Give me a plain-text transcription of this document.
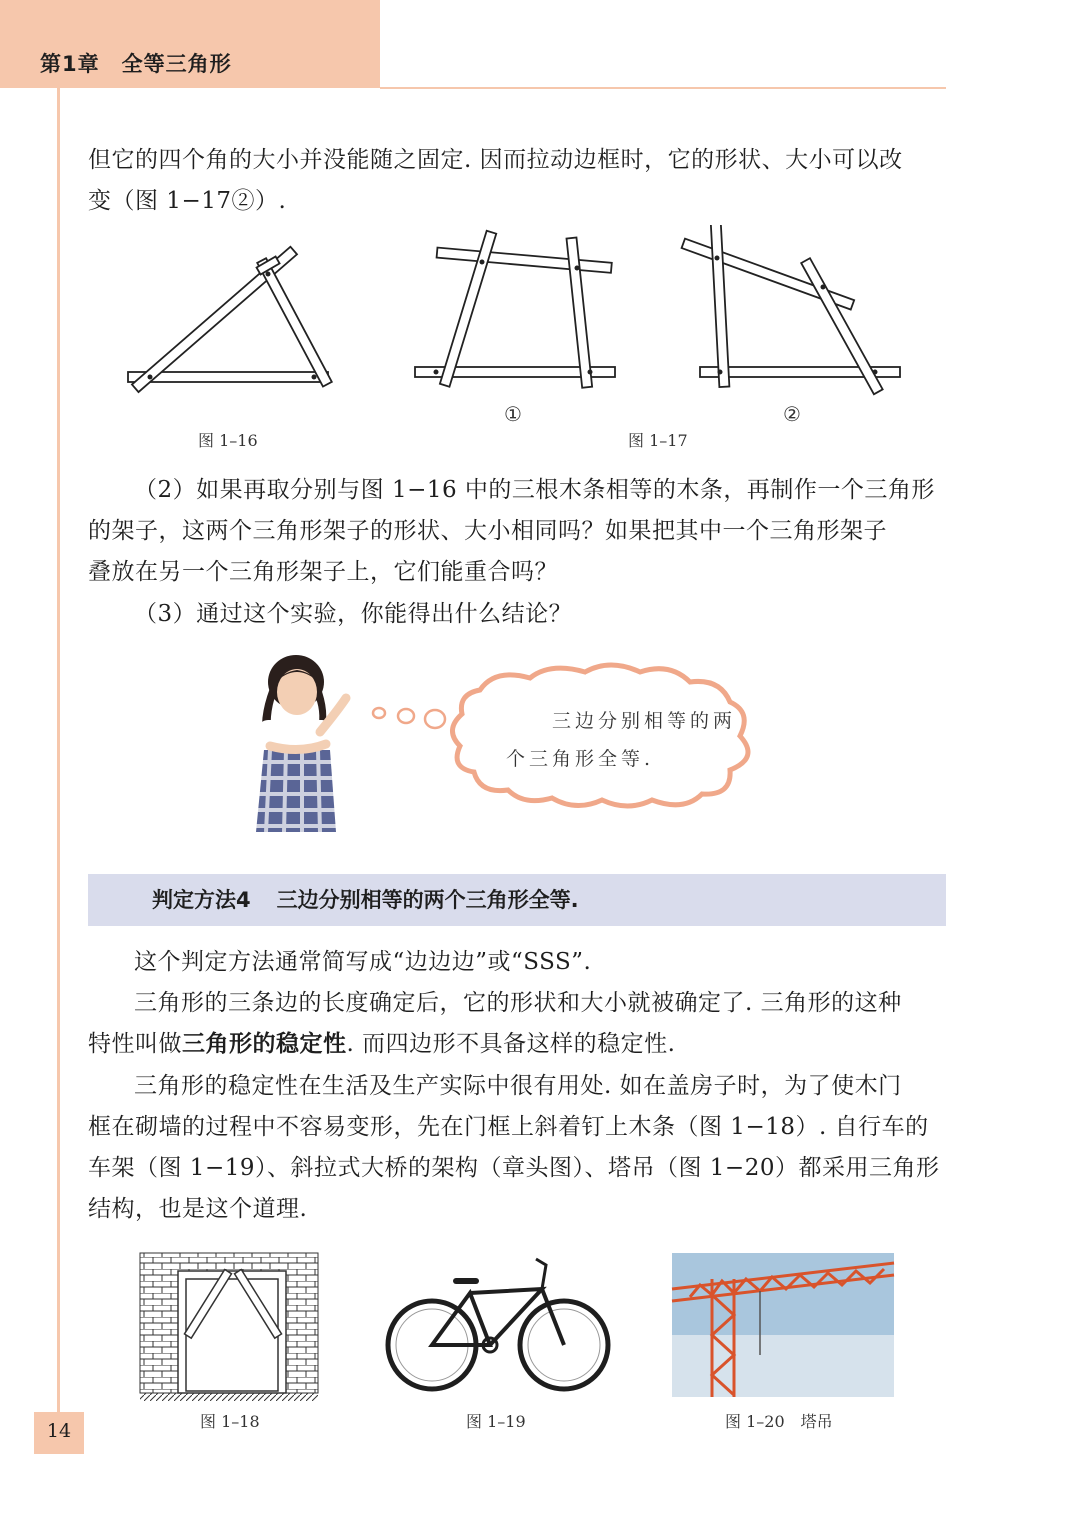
第1章 全等三角形
但它的四个角的大小并没能随之固定. 因而拉动边框时，它的形状、大小可以改
变（图 1−17②）.
①	②
图 1–16	图 1–17
（2）如果再取分别与图 1−16 中的三根木条相等的木条，再制作一个三角形
的架子，这两个三角形架子的形状、大小相同吗？如果把其中一个三角形架子
叠放在另一个三角形架子上，它们能重合吗？
（3）通过这个实验，你能得出什么结论？
三边分别相等的两
个三角形全等.
判定方法4 三边分别相等的两个三角形全等.
这个判定方法通常简写成“边边边”或“SSS”.
三角形的三条边的长度确定后，它的形状和大小就被确定了. 三角形的这种
特性叫做三角形的稳定性. 而四边形不具备这样的稳定性.
三角形的稳定性在生活及生产实际中很有用处. 如在盖房子时，为了使木门
框在砌墙的过程中不容易变形，先在门框上斜着钉上木条（图 1−18）. 自行车的
车架（图 1−19）、斜拉式大桥的架构（章头图）、塔吊（图 1−20）都采用三角形
结构，也是这个道理.
图 1–18	图 1–19	图 1–20　塔吊
14
